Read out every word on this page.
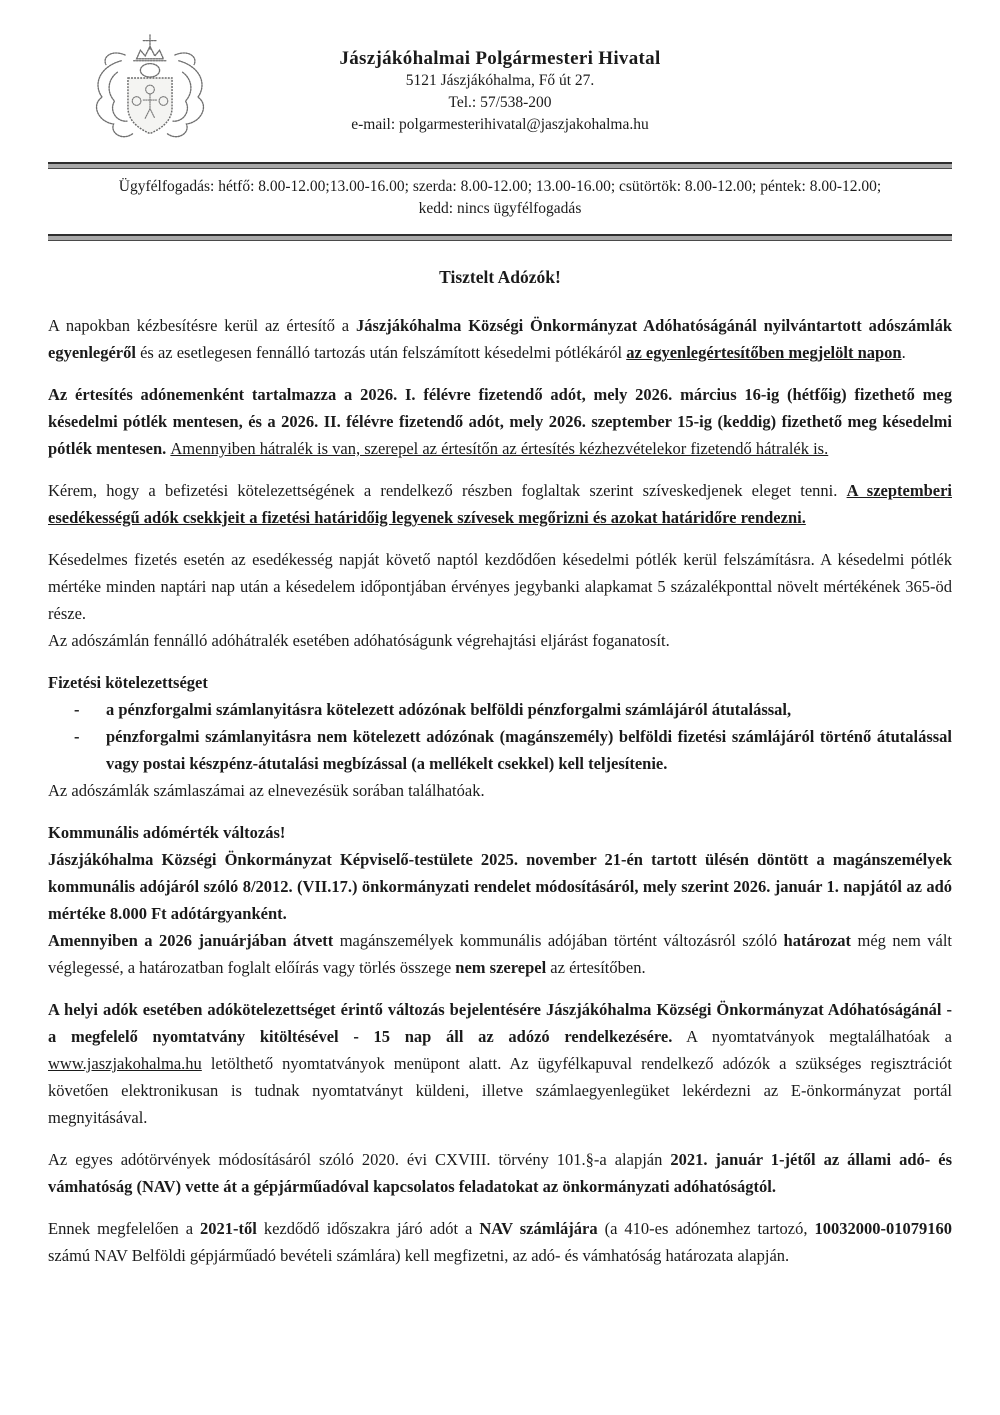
Jászjákóhalmai Polgármesteri Hivatal
5121 Jászjákóhalma, Fő út 27.
Tel.: 57/538-200
e-mail: polgarmesterihivatal@jaszjakohalma.hu
Ügyfélfogadás: hétfő: 8.00-12.00;13.00-16.00; szerda: 8.00-12.00; 13.00-16.00; csütörtök: 8.00-12.00; péntek: 8.00-12.00;
kedd: nincs ügyfélfogadás
Tisztelt Adózók!
A napokban kézbesítésre kerül az értesítő a Jászjákóhalma Községi Önkormányzat Adóhatóságánál nyilvántartott adószámlák egyenlegéről és az esetlegesen fennálló tartozás után felszámított késedelmi pótlékáról az egyenlegértesítőben megjelölt napon.
Az értesítés adónemenként tartalmazza a 2026. I. félévre fizetendő adót, mely 2026. március 16-ig (hétfőig) fizethető meg késedelmi pótlék mentesen, és a 2026. II. félévre fizetendő adót, mely 2026. szeptember 15-ig (keddig) fizethető meg késedelmi pótlék mentesen. Amennyiben hátralék is van, szerepel az értesítőn az értesítés kézhezvételekor fizetendő hátralék is.
Kérem, hogy a befizetési kötelezettségének a rendelkező részben foglaltak szerint szíveskedjenek eleget tenni. A szeptemberi esedékességű adók csekkjeit a fizetési határidőig legyenek szívesek megőrizni és azokat határidőre rendezni.
Késedelmes fizetés esetén az esedékesség napját követő naptól kezdődően késedelmi pótlék kerül felszámításra. A késedelmi pótlék mértéke minden naptári nap után a késedelem időpontjában érvényes jegybanki alapkamat 5 százalékponttal növelt mértékének 365-öd része.
Az adószámlán fennálló adóhátralék esetében adóhatóságunk végrehajtási eljárást foganatosít.
Fizetési kötelezettséget
-	a pénzforgalmi számlanyitásra kötelezett adózónak belföldi pénzforgalmi számlájáról átutalással,
-	pénzforgalmi számlanyitásra nem kötelezett adózónak (magánszemély) belföldi fizetési számlájáról történő átutalással vagy postai készpénz-átutalási megbízással (a mellékelt csekkel) kell teljesítenie.
Az adószámlák számlaszámai az elnevezésük sorában találhatóak.
Kommunális adómérték változás!
Jászjákóhalma Községi Önkormányzat Képviselő-testülete 2025. november 21-én tartott ülésén döntött a magánszemélyek kommunális adójáról szóló 8/2012. (VII.17.) önkormányzati rendelet módosításáról, mely szerint 2026. január 1. napjától az adó mértéke 8.000 Ft adótárgyanként.
Amennyiben a 2026 januárjában átvett magánszemélyek kommunális adójában történt változásról szóló határozat még nem vált véglegessé, a határozatban foglalt előírás vagy törlés összege nem szerepel az értesítőben.
A helyi adók esetében adókötelezettséget érintő változás bejelentésére Jászjákóhalma Községi Önkormányzat Adóhatóságánál - a megfelelő nyomtatvány kitöltésével - 15 nap áll az adózó rendelkezésére. A nyomtatványok megtalálhatóak a www.jaszjakohalma.hu letölthető nyomtatványok menüpont alatt. Az ügyfélkapuval rendelkező adózók a szükséges regisztrációt követően elektronikusan is tudnak nyomtatványt küldeni, illetve számlaegyenlegüket lekérdezni az E-önkormányzat portál megnyitásával.
Az egyes adótörvények módosításáról szóló 2020. évi CXVIII. törvény 101.§-a alapján 2021. január 1-jétől az állami adó- és vámhatóság (NAV) vette át a gépjárműadóval kapcsolatos feladatokat az önkormányzati adóhatóságtól.
Ennek megfelelően a 2021-től kezdődő időszakra járó adót a NAV számlájára (a 410-es adónemhez tartozó, 10032000-01079160 számú NAV Belföldi gépjárműadó bevételi számlára) kell megfizetni, az adó- és vámhatóság határozata alapján.
